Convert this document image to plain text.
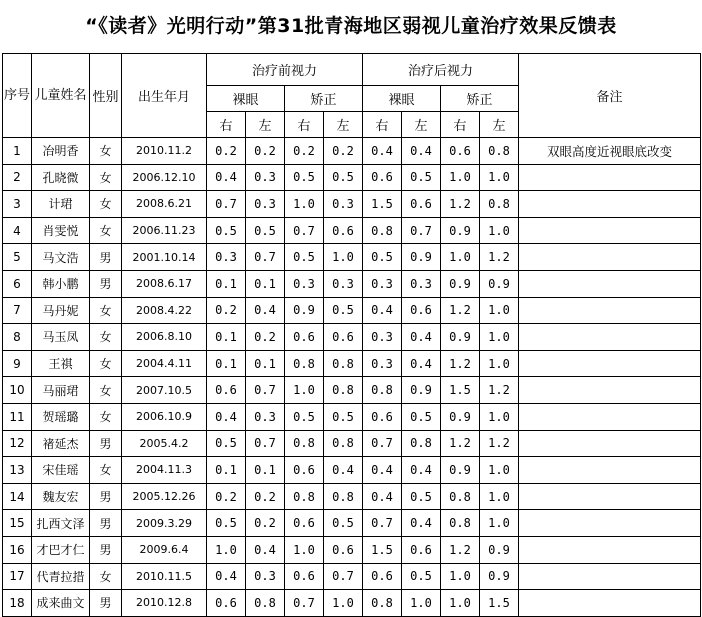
“《读者》光明行动”第31批青海地区弱视儿童治疗效果反馈表
序号	儿童姓名	性别	出生年月	治疗前视力				治疗后视力				备注
				裸眼		矫正		裸眼		矫正		
				右	左	右	左	右	左	右	左	
1	冶明香	女	2010.11.2	0.2	0.2	0.2	0.2	0.4	0.4	0.6	0.8	双眼高度近视眼底改变
2	孔晓微	女	2006.12.10	0.4	0.3	0.5	0.5	0.6	0.5	1.0	1.0	
3	计珺	女	2008.6.21	0.7	0.3	1.0	0.3	1.5	0.6	1.2	0.8	
4	肖雯悦	女	2006.11.23	0.5	0.5	0.7	0.6	0.8	0.7	0.9	1.0	
5	马文浩	男	2001.10.14	0.3	0.7	0.5	1.0	0.5	0.9	1.0	1.2	
6	韩小鹏	男	2008.6.17	0.1	0.1	0.3	0.3	0.3	0.3	0.9	0.9	
7	马丹妮	女	2008.4.22	0.2	0.4	0.9	0.5	0.4	0.6	1.2	1.0	
8	马玉凤	女	2006.8.10	0.1	0.2	0.6	0.6	0.3	0.4	0.9	1.0	
9	王祺	女	2004.4.11	0.1	0.1	0.8	0.8	0.3	0.4	1.2	1.0	
10	马丽珺	女	2007.10.5	0.6	0.7	1.0	0.8	0.8	0.9	1.5	1.2	
11	贺瑶璐	女	2006.10.9	0.4	0.3	0.5	0.5	0.6	0.5	0.9	1.0	
12	禇延杰	男	2005.4.2	0.5	0.7	0.8	0.8	0.7	0.8	1.2	1.2	
13	宋佳瑶	女	2004.11.3	0.1	0.1	0.6	0.4	0.4	0.4	0.9	1.0	
14	魏友宏	男	2005.12.26	0.2	0.2	0.8	0.8	0.4	0.5	0.8	1.0	
15	扎西文泽	男	2009.3.29	0.5	0.2	0.6	0.5	0.7	0.4	0.8	1.0	
16	才巴才仁	男	2009.6.4	1.0	0.4	1.0	0.6	1.5	0.6	1.2	0.9	
17	代青拉措	女	2010.11.5	0.4	0.3	0.6	0.7	0.6	0.5	1.0	0.9	
18	成来曲文	男	2010.12.8	0.6	0.8	0.7	1.0	0.8	1.0	1.0	1.5	
